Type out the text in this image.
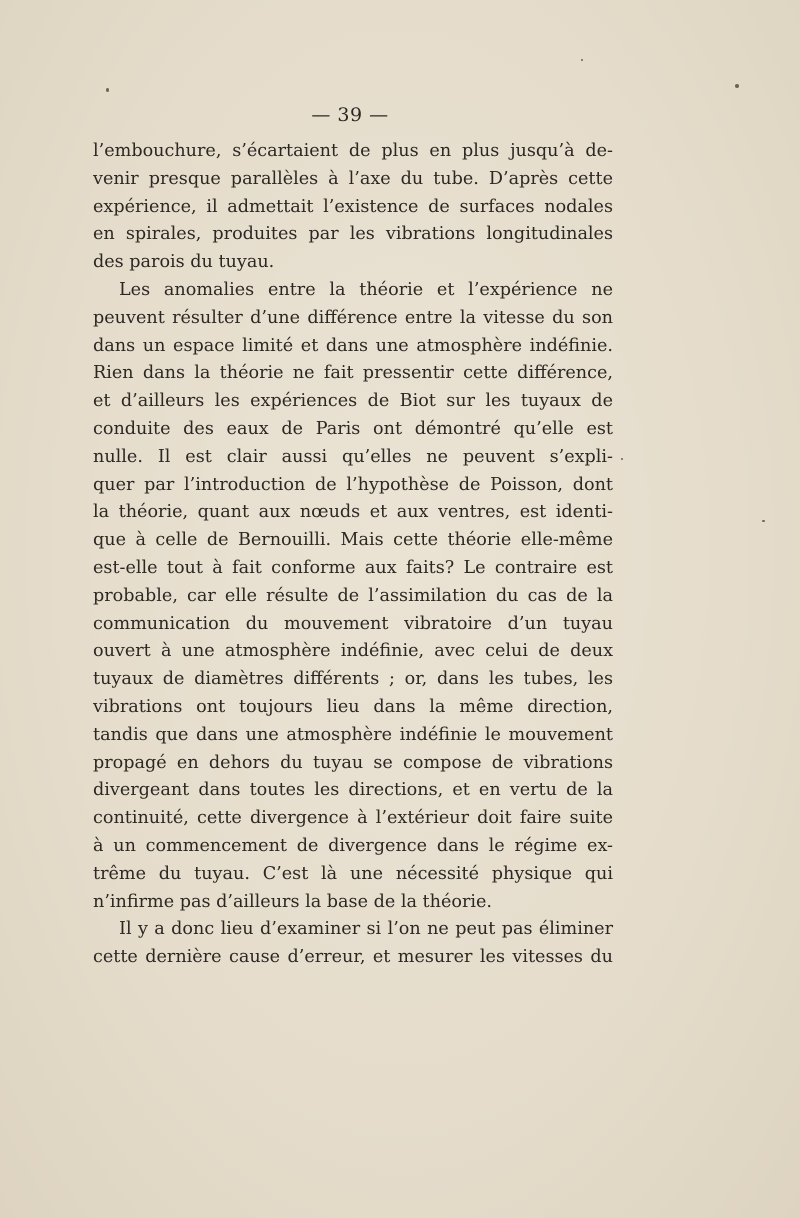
— 39 —
l’embouchure, s’écartaient de plus en plus jusqu’à de-
venir presque parallèles à l’axe du tube. D’après cette
expérience, il admettait l’existence de surfaces nodales
en spirales, produites par les vibrations longitudinales
des parois du tuyau.
Les anomalies entre la théorie et l’expérience ne
peuvent résulter d’une différence entre la vitesse du son
dans un espace limité et dans une atmosphère indéfinie.
Rien dans la théorie ne fait pressentir cette différence,
et d’ailleurs les expériences de Biot sur les tuyaux de
conduite des eaux de Paris ont démontré qu’elle est
nulle. Il est clair aussi qu’elles ne peuvent s’expli-
quer par l’introduction de l’hypothèse de Poisson, dont
la théorie, quant aux nœuds et aux ventres, est identi-
que à celle de Bernouilli. Mais cette théorie elle-même
est-elle tout à fait conforme aux faits? Le contraire est
probable, car elle résulte de l’assimilation du cas de la
communication du mouvement vibratoire d’un tuyau
ouvert à une atmosphère indéfinie, avec celui de deux
tuyaux de diamètres différents ; or, dans les tubes, les
vibrations ont toujours lieu dans la même direction,
tandis que dans une atmosphère indéfinie le mouvement
propagé en dehors du tuyau se compose de vibrations
divergeant dans toutes les directions, et en vertu de la
continuité, cette divergence à l’extérieur doit faire suite
à un commencement de divergence dans le régime ex-
trême du tuyau. C’est là une nécessité physique qui
n’infirme pas d’ailleurs la base de la théorie.
Il y a donc lieu d’examiner si l’on ne peut pas éliminer
cette dernière cause d’erreur, et mesurer les vitesses du
